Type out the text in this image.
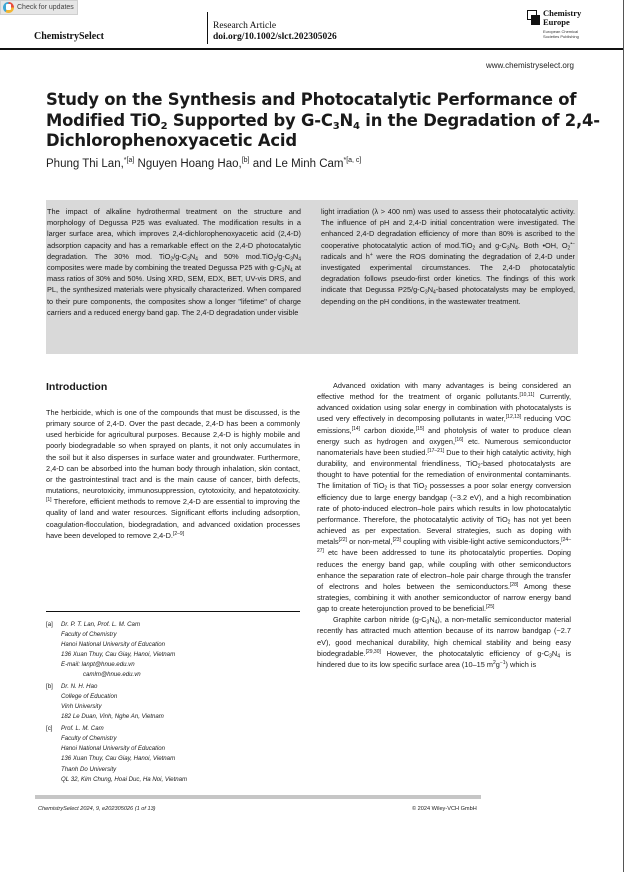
Check for updates
ChemistrySelect
Research Article
doi.org/10.1002/slct.202305026
Chemistry
Europe
European Chemical
Societies Publishing
www.chemistryselect.org
Study on the Synthesis and Photocatalytic Performance of Modified TiO$_2$ Supported by $G-C_3N_4$ in the Degradation of 2,4-Dichlorophenoxyacetic Acid
Phung Thi Lan,$^{*[a]}$ Nguyen Hoang Hao,[b] and Le Minh Cam$^{*[a, c]}$
The impact of alkaline hydrothermal treatment on the structure and morphology of Degussa P25 was evaluated. The modification results in a larger surface area, which improves 2,4-dichlorophenoxyacetic acid (2,4-D) adsorption capacity and has a remarkable effect on the 2,4-D photocatalytic degradation. The 30% mod. $TiO_2/g-C_3N_4$ and 50% $mod.TiO_2/g-C_3N_4$ composites were made by combining the treated Degussa P25 with $g-C_3N_4$ at mass ratios of 30% and 50%. Using XRD, SEM, EDX, BET, UV-vis DRS, and PL, the synthesized materials were physically characterized. When compared to their pure components, the composites show a longer "lifetime" of charge carriers and a reduced energy band gap. The 2,4-D degradation under visible
light irradiation (λ > 400 nm) was used to assess their photocatalytic activity. The influence of pH and 2,4-D initial concentration were investigated. The enhanced 2,4-D degradation efficiency of more than 80% is ascribed to the cooperative photocatalytic action of mod.TiO$_2$ and $g-C_3N_4$. Both •OH, $O_2^{•-}$ radicals and h+ were the ROS dominating the degradation of 2,4-D under investigated experimental circumstances. The 2,4-D photocatalytic degradation follows pseudo-first order kinetics. The findings of this work indicate that Degussa $P25/g-C_3N_4$-based photocatalysts may be employed, depending on the pH conditions, in the wastewater treatment.
Introduction

The herbicide, which is one of the compounds that must be discussed, is the primary source of 2,4-D. Over the past decade, 2,4-D has been a commonly used herbicide for agricultural purposes. Because 2,4-D is highly mobile and poorly biodegradable so when sprayed on plants, it not only accumulates in the soil but it also disperses in surface water and groundwater. Furthermore, 2,4-D can be absorbed into the human body through inhalation, skin contact, or the gastrointestinal tract and is the main cause of cancer, birth defects, mutations, neurotoxicity, immunosuppression, cytotoxicity, and hepatotoxicity.[1] Therefore, efficient methods to remove 2,4-D are essential to improving the quality of land and water resources. Significant efforts including adsorption, coagulation-flocculation, biodegradation, and advanced oxidation processes have been developed to remove 2,4-D.[2–9]

[a]	Dr. P. T. Lan, Prof. L. M. Cam
Faculty of Chemistry
Hanoi National University of Education
136 Xuan Thuy, Cau Giay, Hanoi, Vietnam
E-mail: lanpt@hnue.edu.vn
camlm@hnue.edu.vn
[b]	Dr. N. H. Hao
College of Education
Vinh University
182 Le Duan, Vinh, Nghe An, Vietnam
[c]	Prof. L. M. Cam
Faculty of Chemistry
Hanoi National University of Education
136 Xuan Thuy, Cau Giay, Hanoi, Vietnam
Thanh Do University
QL 32, Kim Chung, Hoai Duc, Ha Noi, Vietnam

Advanced oxidation with many advantages is being considered an effective method for the treatment of organic pollutants.[10,11] Currently, advanced oxidation using solar energy in combination with photocatalysts is used very effectively in decomposing pollutants in water,[12,13] reducing VOC emissions,[14] carbon dioxide,[15] and photolysis of water to produce clean energy such as hydrogen and oxygen,[16] etc. Numerous semiconductor nanomaterials have been studied.[17–21] Due to their high catalytic activity, high durability, and environmental friendliness, TiO$_2$-based photocatalysts are thought to have potential for the remediation of environmental contaminants. The limitation of TiO$_2$ is that TiO$_2$ possesses a poor solar energy conversion efficiency due to large energy bandgap (~3.2 eV), and a high recombination rate of photo-induced electron–hole pairs which results in low photocatalytic performance. Therefore, the photocatalytic activity of TiO$_2$ has not yet been achieved as per expectation. Several strategies, such as doping with metals[22] or non-metal,[23] coupling with visible-light active semiconductors,[24–27] etc have been addressed to tune its photocatalytic properties. Doping reduces the energy band gap, while coupling with other semiconductors enhance the separation rate of electron–hole pair charge through the transfer of electrons and holes between the semiconductors.[28] Among these strategies, combining it with another semiconductor of narrow energy band gap to create heterojunction proved to be beneficial.[25]

Graphite carbon nitride $(g-C_3N_4)$, a non-metallic semiconductor material recently has attracted much attention because of its narrow bandgap (~2.7 eV), good mechanical durability, high chemical stability and being easy biodegradable.[29,30] However, the photocatalytic efficiency of $g-C_3N_4$ is hindered due to its low specific surface area (10–15 $m^2g^{-1}$) which is

ChemistrySelect 2024, 9, e202305026 (1 of 13)	© 2024 Wiley-VCH GmbH
